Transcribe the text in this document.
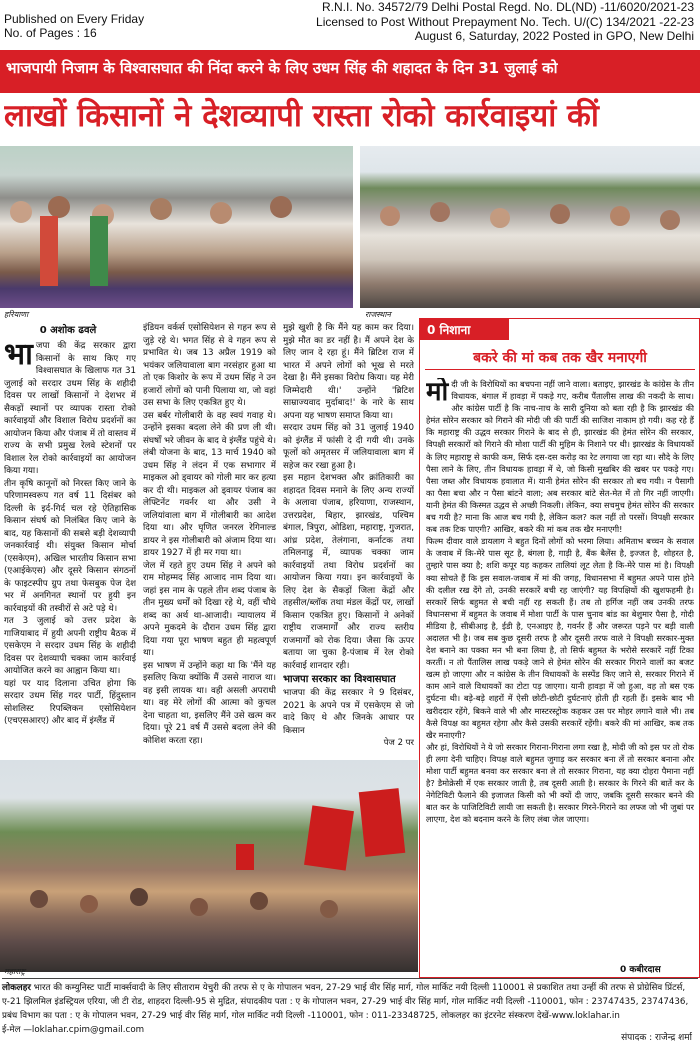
Published on Every Friday
No. of Pages : 16
R.N.I. No. 34572/79 Delhi Postal Regd. No. DL(ND) -11/6020/2021-23
Licensed to Post Without Prepayment No. Tech. U/(C) 134/2021 -22-23
August 6, Saturday, 2022 Posted in GPO, New Delhi
भाजपायी निजाम के विश्वासघात की निंदा करने के लिए उधम सिंह की शहादत के दिन 31 जुलाई को
लाखों किसानों ने देशव्यापी रास्ता रोको कार्रवाइयां कीं
हरियाणा	राजस्थान
0 अशोक ढवले
भा जपा की केंद्र सरकार द्वारा किसानों के साथ किए गए विश्वासघात के खिलाफ गत 31 जुलाई को सरदार उधम सिंह के शहीदी दिवस पर लाखों किसानों ने देशभर में सैकड़ों स्थानों पर व्यापक रास्ता रोको कार्रवाइयों और विशाल विरोध प्रदर्शनों का आयोजन किया और पंजाब में तो वास्तव में राज्य के सभी प्रमुख रेलवे स्टेशनों पर विशाल रेल रोको कार्रवाइयों का आयोजन किया गया।
तीन कृषि कानूनों को निरस्त किए जाने के परिणामस्वरूप गत वर्ष 11 दिसंबर को दिल्ली के इर्द-गिर्द चल रहे ऐतिहासिक किसान संघर्ष को निलंबित किए जाने के बाद, यह किसानों की सबसे बड़ी देशव्यापी जनकार्रवाई थी। संयुक्त किसान मोर्चा (एसकेएम), अखिल भारतीय किसान सभा (एआईकेएस) और दूसरे किसान संगठनों के फाइटस्पीप ग्रुप तथा फेसबुक पेज देश भर में अनगिनत स्थानों पर हुयी इन कार्रवाइयों की तस्वीरों से अटे पड़े थे।
गत 3 जुलाई को उत्तर प्रदेश के गाजियाबाद में हुयी अपनी राष्ट्रीय बैठक में एसकेएम ने सरदार उधम सिंह के शहीदी दिवस पर देशव्यापी चक्का जाम कार्रवाई आयोजित करने का आह्वान किया था।
यहां पर याद दिलाना उचित होगा कि सरदार उधम सिंह गदर पार्टी, हिंदुस्तान सोशलिस्ट रिपब्लिकन एसोसियेशन (एचएसआरए) और बाद में इंग्लैंड में
इंडियन वर्कर्स एसोसियेशन से गहन रूप से जुड़े रहे थे। भगत सिंह से वे गहन रूप से प्रभावित थे। जब 13 अप्रैल 1919 को भयंकर जलियावाला बाग नरसंहार हुआ था तो एक किशोर के रूप में उधम सिंह ने उन हजारों लोगों को पानी पिलाया था, जो वहां उस सभा के लिए एकत्रित हुए थे।
उस बर्बर गोलीबारी के वह स्वयं गवाह थे। उन्होंने इसका बदला लेने की प्रण ली थी। संघर्षों भरे जीवन के बाद वे इंग्लैंड पहुंचे थे। लंबी योजना के बाद, 13 मार्च 1940 को उधम सिंह ने लंदन में एक सभागार में माइकल ओ ड्वायर को गोली मार कर हत्या कर दी थी। माइकल ओ ड्वायर पंजाब का लेफ्टिनेंट गवर्नर था और उसी ने जलियांवाला बाग में गोलीबारी का आदेश दिया था। और घृणित जनरल रेगिनाल्ड डायर ने इस गोलीबारी को अंजाम दिया था। डायर 1927 में ही मर गया था।
जेल में रहते हुए उधम सिंह ने अपने को राम मोहम्मद सिंह आजाद नाम दिया था। जहां इस नाम के पहले तीन शब्द पंजाब के तीन मुख्य धर्मों को दिखा रहे थे, वहीं चौथे शब्द का अर्थ था-आजादी। न्यायालय में अपने मुकदमे के दौरान उधम सिंह द्वारा दिया गया पूरा भाषण बहुत ही महत्वपूर्ण था।
इस भाषण में उन्होंने कहा था कि 'मैंने यह इसलिए किया क्योंकि मैं उससे नाराज था। वह इसी लायक था। वही असली अपराधी था। वह मेरे लोगों की आत्मा को कुचल देना चाहता था, इसलिए मैंने उसे खत्म कर दिया। पूरे 21 वर्ष मैं उससे बदला लेने की कोशिश करता रहा।
मुझे खुशी है कि मैंने यह काम कर दिया। मुझे मौत का डर नहीं है। मैं अपने देश के लिए जान दे रहा हूं। मैंने ब्रिटिश राज में भारत में अपने लोगों को भूख से मरते देखा है। मैंने इसका विरोध किया। यह मेरी जिम्मेदारी थी।' उन्होंने 'ब्रिटिश साम्राज्यवाद मुर्दाबाद!' के नारे के साथ अपना यह भाषण समाप्त किया था।
सरदार उधम सिंह को 31 जुलाई 1940 को इंग्लैंड में फांसी दे दी गयी थी। उनके फूलों को अमृतसर में जलियावाला बाग में सहेज कर रखा हुआ है।
इस महान देशभक्त और क्रांतिकारी का शहादत दिवस मनाने के लिए अन्य राज्यों के अलावा पंजाब, हरियाणा, राजस्थान, उत्तरप्रदेश, बिहार, झारखंड, पश्चिम बंगाल, त्रिपुरा, ओडिशा, महाराष्ट्र, गुजरात, आंध्र प्रदेश, तेलंगाना, कर्नाटक तथा तमिलनाडु में, व्यापक चक्का जाम कार्रवाइयों तथा विरोध प्रदर्शनों का आयोजन किया गया। इन कार्रवाइयों के लिए देश के सैकड़ों जिला केंद्रों और तहसील/ब्लॉक तथा मंडल केंद्रों पर, लाखों किसान एकत्रित हुए। किसानों ने अनेकों राष्ट्रीय राजमार्गों और राज्य स्तरीय राजमार्गों को रोक दिया। जैसा कि ऊपर बताया जा चुका है-पंजाब में रेल रोको कार्रवाई शानदार रही।
भाजपा सरकार का विश्वासघात
भाजपा की केंद्र सरकार ने 9 दिसंबर, 2021 के अपने पत्र में एसकेएम से जो वादे किए थे और जिनके आधार पर किसान
पेज 2 पर
महाराष्ट्र
0 निशाना
बकरे की मां कब तक खैर मनाएगी
मो दी जी के विरोधियों का बचपना नहीं जाने वाला। बताइए, झारखंड के कांग्रेस के तीन विधायक, बंगाल में हावड़ा में पकड़े गए, करीब पैंतालीस लाख की नकदी के साथ। और कांग्रेस पार्टी है कि नाच-नाच के सारी दुनिया को बता रही है कि झारखंड की हेमंत सोरेन सरकार को गिराने की मोदी जी की पार्टी की साजिश नाकाम हो गयी। कह रहे हैं कि महाराष्ट्र की उद्धव सरकार गिराने के बाद से ही, झारखंड की हेमंत सोरेन की सरकार, विपक्षी सरकारों को गिराने की मोशा पार्टी की मुहिम के निशाने पर थी। झारखंड के विधायकों के लिए महाराष्ट्र से काफी कम, सिर्फ दस-दस करोड़ का रेट लगाया जा रहा था। सौदे के लिए पैसा लाने के लिए, तीन विधायक हावड़ा में थे, जो किसी मुखबिर की खबर पर पकड़े गए। पैसा जब्त और विधायक हवालात में। यानी हेमंत सोरेन की सरकार तो बच गयी। न पैसागी का पैसा बचा और न पैसा बांटने वाला; अब सरकार बांटे सेत-मेत में तो गिर नहीं जाएगी। यानी हेमंत की किस्मत उद्धव से अच्छी निकली। लेकिन, क्या सचमुच हेमंत सोरेन की सरकार बच गयी है? माना कि आज बच गयी है, लेकिन कल? कल नहीं तो परसों। विपक्षी सरकार कब तक टिक पाएगी? आखिर, बकरे की मां कब तक खैर मनाएगी!
फिल्म दीवार वाले डायलाग ने बहुत दिनों लोगों को भरमा लिया। अमिताभ बच्चन के सवाल के जवाब में कि-मेरे पास सूट है, बंगला है, गाड़ी है, बैंक बैलेंस है, इज्जत है, शोहरत है, तुम्हारे पास क्या है; शशि कपूर यह कहकर तालियां लूट लेता है कि-मेरे पास मां है। विपक्षी क्या सोचते हैं कि इस सवाल-जवाब में मां की जगह, विधानसभा में बहुमत अपने पास होने की दलील रख देंगे तो, उनकी सरकारें बची रह जाएंगी? यह विपक्षियों की खुशफहमी है। सरकारें सिर्फ बहुमत से बची नहीं रह सकती हैं। तब तो हर्गिज नहीं जब उनकी तरफ विधानसभा में बहुमत के जवाब में मोशा पार्टी के पास चुनाव बांड का बेशुमार पैसा है, गोदी मीडिया है, सीबीआइ है, ईडी है, एनआइए है, गवर्नर हैं और जरूरत पड़ने पर बड़ी वाली अदालत भी है। जब सब कुछ दूसरी तरफ है और दूसरी तरफ वाले ने विपक्षी सरकार-मुक्त देश बनाने का पक्का मन भी बना लिया है, तो सिर्फ बहुमत के भरोसे सरकारें नहीं टिका करतीं। न तो पैंतालिस लाख पकड़े जाने से हेमंत सोरेन की सरकार गिराने वालों का बजट खत्म हो जाएगा और न कांग्रेस के तीन विधायकों के सस्पेंड किए जाने से, सरकार गिराने में काम आने वाले विधायकों का टोटा पड़ जाएगा। यानी हावड़ा में जो हुआ, वह तो बस एक दुर्घटना थी। बड़े-बड़े शहरों में ऐसी छोटी-छोटी दुर्घटनाएं होती ही रहती हैं। इसके बाद भी खरीददार रहेंगे, बिकने वाले भी और मास्टरस्ट्रोक कहकर उस पर मोहर लगाने वाले भी। तब कैसे विपक्ष का बहुमत रहेगा और कैसे उसकी सरकारें रहेंगी। बकरे की मां आखिर, कब तक खैर मनाएगी?
और हां, विरोधियों ने ये जो सरकार गिराना-गिराना लगा रखा है, मोदी जी को इस पर तो रोक ही लगा देनी चाहिए। विपक्ष वाले बहुमत जुगाड़ कर सरकार बना लें तो सरकार बनाना और मोशा पार्टी बहुमत बनवा कर सरकार बना ले तो सरकार गिराना, यह क्या दोहरा पैमाना नहीं है? डैमोक्रेसी में एक सरकार जाती है, तब दूसरी आती है। सरकार के गिरने की बातें कर के नेगेटिविटी फैलाने की इजाजत किसी को भी क्यों दी जाए, जबकि दूसरी सरकार बनने की बात कर के पाजिटिविटी लायी जा सकती है। सरकार गिरने-गिराने का लफ्ज जो भी जुबां पर लाएगा, देश को बदनाम करने के लिए लंबा जेल जाएगा।
0 कबीरदास
लोकलहर भारत की कम्युनिस्ट पार्टी मार्क्सवादी के लिए सीताराम येचुरी की तरफ से ए के गोपालन भवन, 27-29 भाई वीर सिंह मार्ग, गोल मार्किट नयी दिल्ली 110001 से प्रकाशित तथा उन्हीं की तरफ से प्रोग्रेसिव प्रिंटर्स, ए-21 झिलमिल इंडस्ट्रियल एरिया, जी टी रोड, शाहदरा दिल्ली-95 से मुद्रित, संपादकीय पता : ए के गोपालन भवन, 27-29 भाई वीर सिंह मार्ग, गोल मार्किट नयी दिल्ली -110001, फोन : 23747435, 23747436, प्रबंध विभाग का पता : ए के गोपालन भवन, 27-29 भाई वीर सिंह मार्ग, गोल मार्किट नयी दिल्ली -110001, फोन : 011-23348725, लोकलहर का इंटरनेट संस्करण देखें-www.loklahar.in
ई-मेल —loklahar.cpim@gmail.com
संपादक : राजेन्द्र शर्मा
